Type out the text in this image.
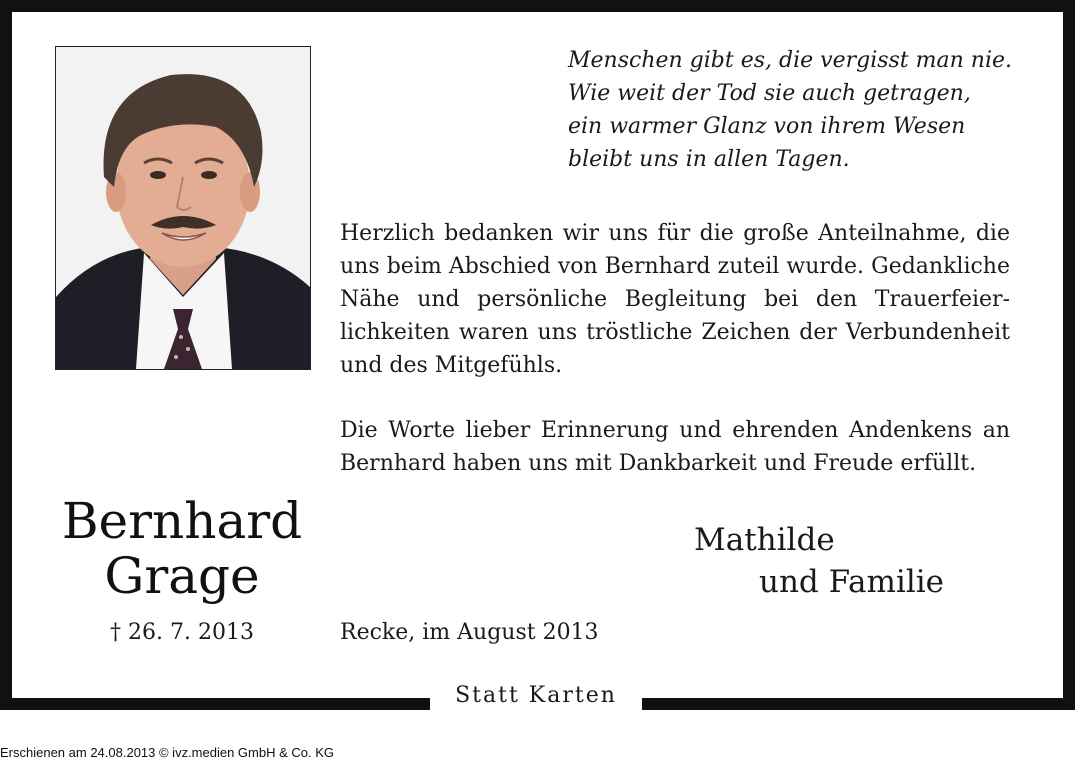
Menschen gibt es, die vergisst man nie.
Wie weit der Tod sie auch getragen,
ein warmer Glanz von ihrem Wesen
bleibt uns in allen Tagen.
Herzlich bedanken wir uns für die große Anteilnahme, die uns beim Abschied von Bernhard zuteil wurde. Gedankliche Nähe und persönliche Begleitung bei den Trauerfeierlichkeiten waren uns tröstliche Zeichen der Verbundenheit und des Mitgefühls.
Die Worte lieber Erinnerung und ehrenden Andenkens an Bernhard haben uns mit Dankbarkeit und Freude erfüllt.
Bernhard
Grage
† 26. 7. 2013
Mathilde
und Familie
Recke, im August 2013
Statt Karten
Erschienen am 24.08.2013 © ivz.medien GmbH & Co. KG
